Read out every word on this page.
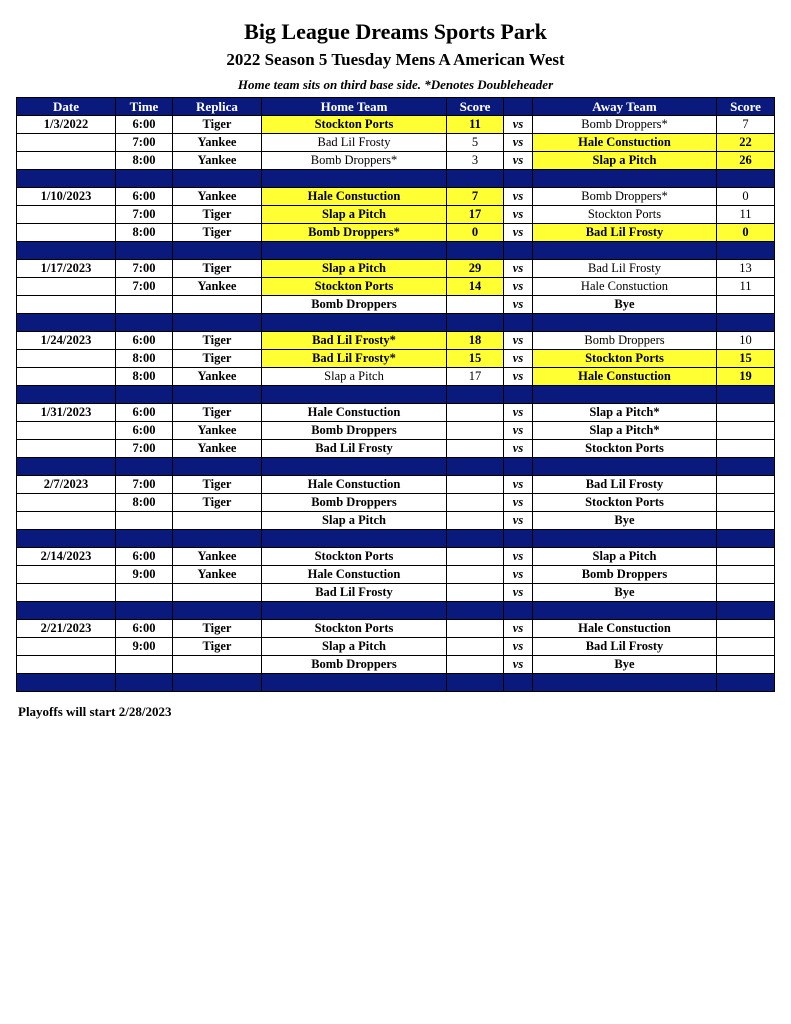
Big League Dreams Sports Park
2022 Season 5 Tuesday Mens A American West
Home team sits on third base side. *Denotes Doubleheader
Date	Time	Replica	Home Team	Score		Away Team	Score
1/3/2022	6:00	Tiger	Stockton Ports	11	vs	Bomb Droppers*	7
	7:00	Yankee	Bad Lil Frosty	5	vs	Hale Constuction	22
	8:00	Yankee	Bomb Droppers*	3	vs	Slap a Pitch	26

1/10/2023	6:00	Yankee	Hale Constuction	7	vs	Bomb Droppers*	0
	7:00	Tiger	Slap a Pitch	17	vs	Stockton Ports	11
	8:00	Tiger	Bomb Droppers*	0	vs	Bad Lil Frosty	0

1/17/2023	7:00	Tiger	Slap a Pitch	29	vs	Bad Lil Frosty	13
	7:00	Yankee	Stockton Ports	14	vs	Hale Constuction	11
			Bomb Droppers		vs	Bye	

1/24/2023	6:00	Tiger	Bad Lil Frosty*	18	vs	Bomb Droppers	10
	8:00	Tiger	Bad Lil Frosty*	15	vs	Stockton Ports	15
	8:00	Yankee	Slap a Pitch	17	vs	Hale Constuction	19

1/31/2023	6:00	Tiger	Hale Constuction		vs	Slap a Pitch*	
	6:00	Yankee	Bomb Droppers		vs	Slap a Pitch*	
	7:00	Yankee	Bad Lil Frosty		vs	Stockton Ports	

2/7/2023	7:00	Tiger	Hale Constuction		vs	Bad Lil Frosty	
	8:00	Tiger	Bomb Droppers		vs	Stockton Ports	
			Slap a Pitch		vs	Bye	

2/14/2023	6:00	Yankee	Stockton Ports		vs	Slap a Pitch	
	9:00	Yankee	Hale Constuction		vs	Bomb Droppers	
			Bad Lil Frosty		vs	Bye	

2/21/2023	6:00	Tiger	Stockton Ports		vs	Hale Constuction	
	9:00	Tiger	Slap a Pitch		vs	Bad Lil Frosty	
			Bomb Droppers		vs	Bye	

Playoffs will start 2/28/2023
